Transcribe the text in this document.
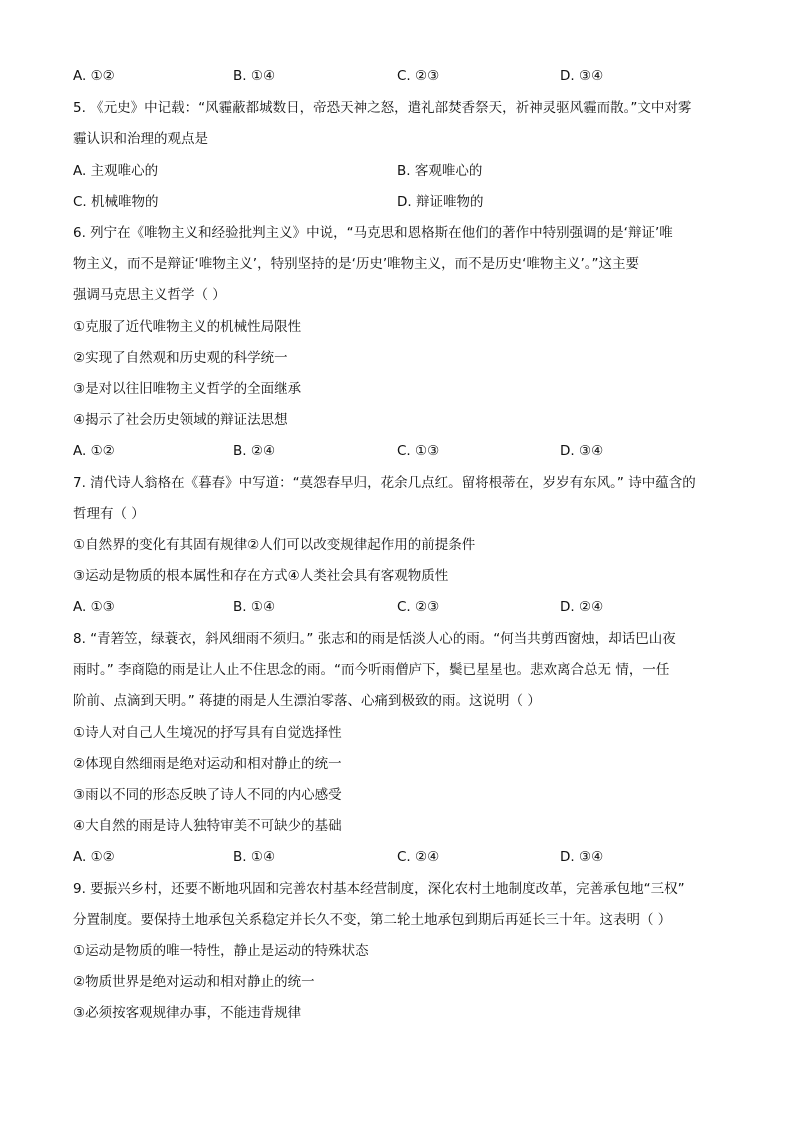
A. ①②	B. ①④	C. ②③	D. ③④
5. 《元史》中记载：“风霾蔽都城数日，帝恐天神之怒，遣礼部焚香祭天，祈神灵驱风霾而散。”文中对雾
霾认识和治理的观点是
A. 主观唯心的	B. 客观唯心的
C. 机械唯物的	D. 辩证唯物的
6. 列宁在《唯物主义和经验批判主义》中说，“马克思和恩格斯在他们的著作中特别强调的是‘辩证’唯
物主义，而不是辩证‘唯物主义’，特别坚持的是‘历史’唯物主义，而不是历史‘唯物主义’。”这主要
强调马克思主义哲学（ ）
①克服了近代唯物主义的机械性局限性
②实现了自然观和历史观的科学统一
③是对以往旧唯物主义哲学的全面继承
④揭示了社会历史领域的辩证法思想
A. ①②	B. ②④	C. ①③	D. ③④
7. 清代诗人翁格在《暮春》中写道：“莫怨春早归，花余几点红。留将根蒂在，岁岁有东风。” 诗中蕴含的
哲理有（ ）
①自然界的变化有其固有规律②人们可以改变规律起作用的前提条件
③运动是物质的根本属性和存在方式④人类社会具有客观物质性
A. ①③	B. ①④	C. ②③	D. ②④
8. “青箬笠，绿蓑衣，斜风细雨不须归。” 张志和的雨是恬淡人心的雨。“何当共剪西窗烛，却话巴山夜
雨时。” 李商隐的雨是让人止不住思念的雨。“而今听雨僧庐下，鬓已星星也。悲欢离合总无 情，一任
阶前、点滴到天明。” 蒋捷的雨是人生漂泊零落、心痛到极致的雨。这说明（ ）
①诗人对自己人生境况的抒写具有自觉选择性
②体现自然细雨是绝对运动和相对静止的统一
③雨以不同的形态反映了诗人不同的内心感受
④大自然的雨是诗人独特审美不可缺少的基础
A. ①②	B. ①④	C. ②④	D. ③④
9. 要振兴乡村，还要不断地巩固和完善农村基本经营制度，深化农村土地制度改革，完善承包地“三权”
分置制度。要保持土地承包关系稳定并长久不变，第二轮土地承包到期后再延长三十年。这表明（ ）
①运动是物质的唯一特性，静止是运动的特殊状态
②物质世界是绝对运动和相对静止的统一
③必须按客观规律办事，不能违背规律
